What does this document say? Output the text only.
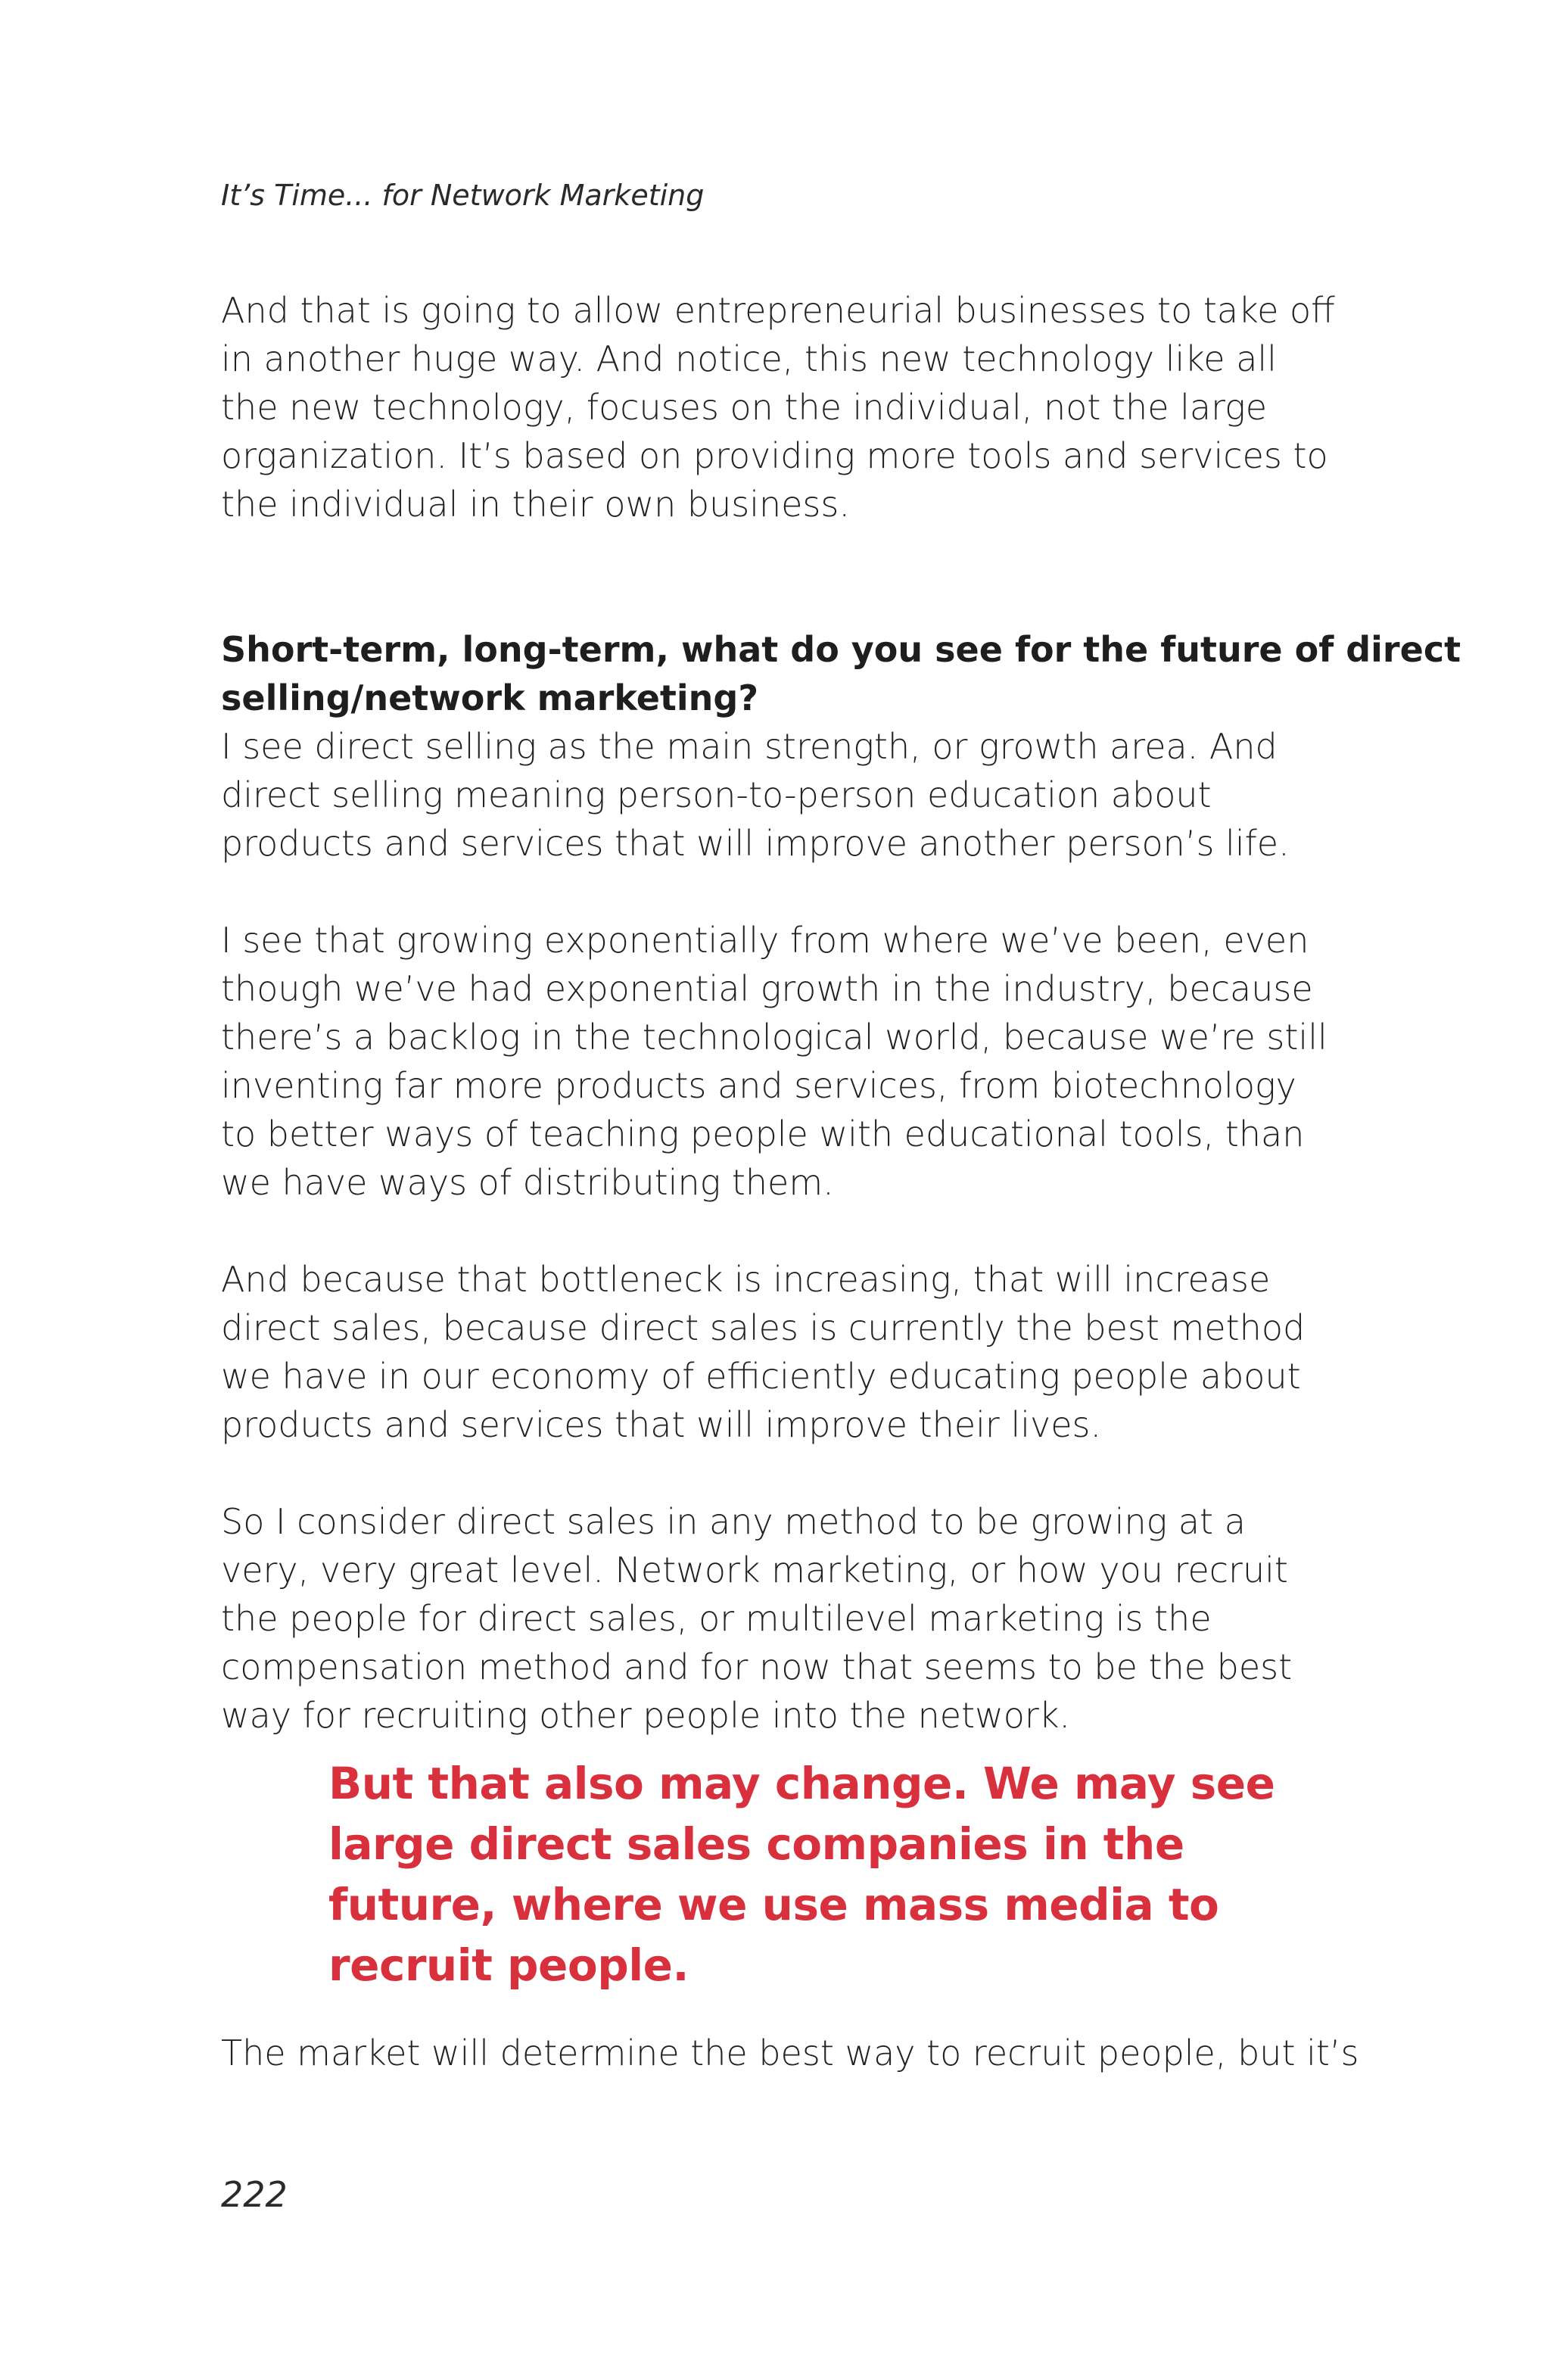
It’s Time... for Network Marketing

And that is going to allow entrepreneurial businesses to take off
in another huge way. And notice, this new technology like all
the new technology, focuses on the individual, not the large
organization. It’s based on providing more tools and services to
the individual in their own business.

Short-term, long-term, what do you see for the future of direct
selling/network marketing?

I see direct selling as the main strength, or growth area. And
direct selling meaning person-to-person education about
products and services that will improve another person’s life.

I see that growing exponentially from where we’ve been, even
though we’ve had exponential growth in the industry, because
there’s a backlog in the technological world, because we’re still
inventing far more products and services, from biotechnology
to better ways of teaching people with educational tools, than
we have ways of distributing them.

And because that bottleneck is increasing, that will increase
direct sales, because direct sales is currently the best method
we have in our economy of efficiently educating people about
products and services that will improve their lives.

So I consider direct sales in any method to be growing at a
very, very great level. Network marketing, or how you recruit
the people for direct sales, or multilevel marketing is the
compensation method and for now that seems to be the best
way for recruiting other people into the network.

But that also may change. We may see
large direct sales companies in the
future, where we use mass media to
recruit people.

The market will determine the best way to recruit people, but it’s

222
